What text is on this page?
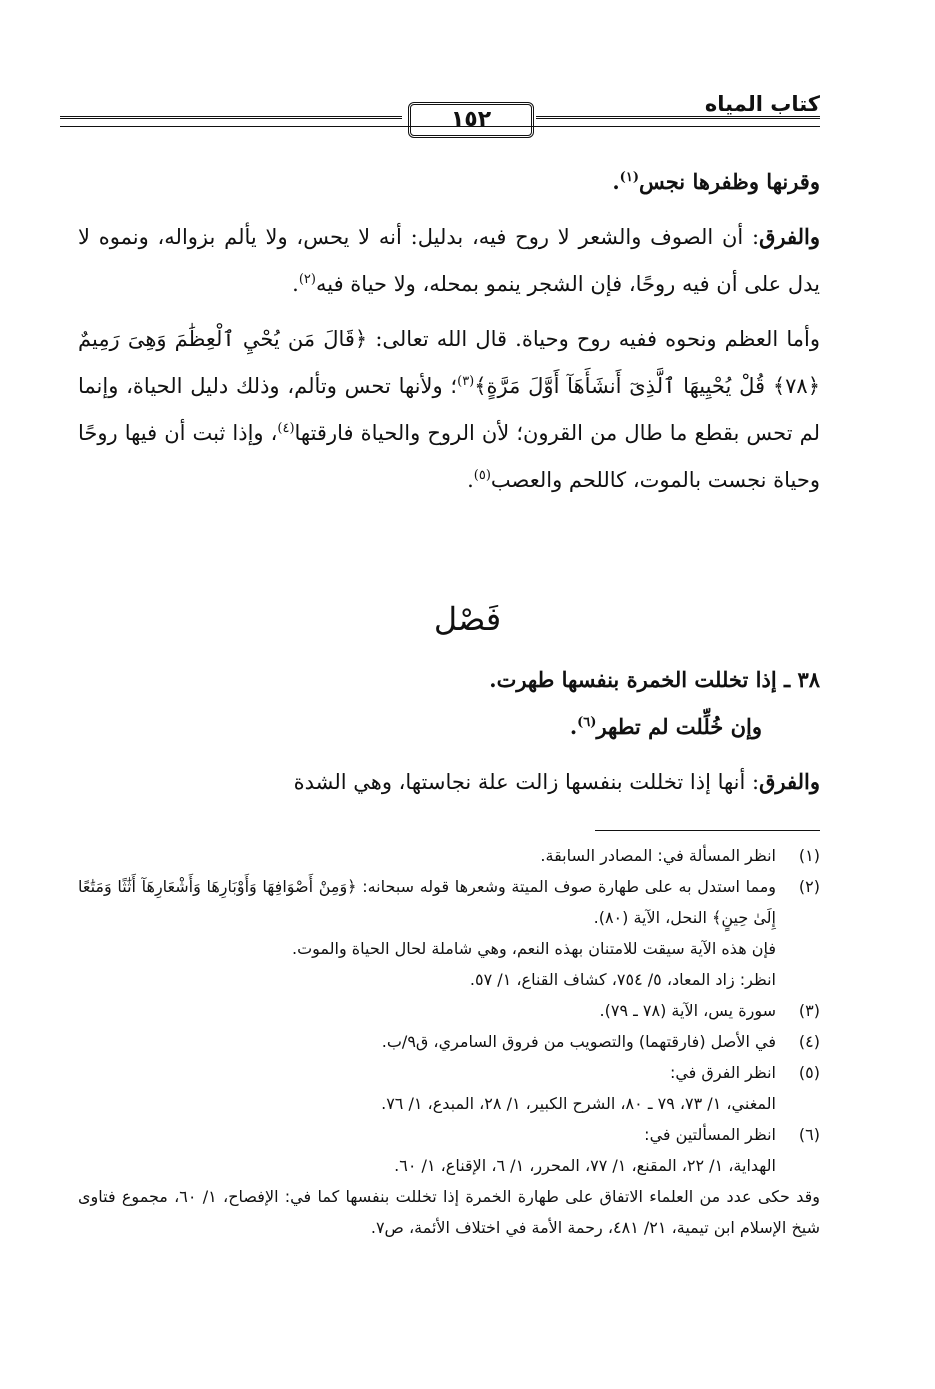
كتاب المياه
١٥٢

وقرنها وظفرها نجس$^{(١)}$.

والفرق: أن الصوف والشعر لا روح فيه، بدليل: أنه لا يحس، ولا يألم بزواله، ونموه لا يدل على أن فيه روحًا، فإن الشجر ينمو بمحله، ولا حياة فيه$^{(٢)}$.

وأما العظم ونحوه ففيه روح وحياة. قال الله تعالى: ﴿قَالَ مَن يُحْيِ ٱلْعِظَٰمَ وَهِىَ رَمِيمٌ ﴿٧٨﴾ قُلْ يُحْيِيهَا ٱلَّذِىٓ أَنشَأَهَآ أَوَّلَ مَرَّةٍ﴾$^{(٣)}$؛ ولأنها تحس وتألم، وذلك دليل الحياة، وإنما لم تحس بقطع ما طال من القرون؛ لأن الروح والحياة فارقتها$^{(٤)}$، وإذا ثبت أن فيها روحًا وحياة نجست بالموت، كاللحم والعصب$^{(٥)}$.

فَصْل

٣٨ ـ إذا تخللت الخمرة بنفسها طهرت.

وإن خُلِّلت لم تطهر$^{(٦)}$.

والفرق: أنها إذا تخللت بنفسها زالت علة نجاستها، وهي الشدة

(١)
انظر المسألة في: المصادر السابقة.
(٢)
ومما استدل به على طهارة صوف الميتة وشعرها قوله سبحانه: ﴿وَمِنْ أَصْوَافِهَا وَأَوْبَارِهَا وَأَشْعَارِهَآ أَثَٰثًا وَمَتَٰعًا إِلَىٰ حِينٍ﴾ النحل، الآية (٨٠).
فإن هذه الآية سيقت للامتنان بهذه النعم، وهي شاملة لحال الحياة والموت.
انظر: زاد المعاد، ٥/ ٧٥٤، كشاف القناع، ١/ ٥٧.
(٣)
سورة يس، الآية (٧٨ ـ ٧٩).
(٤)
في الأصل (فارقتهما) والتصويب من فروق السامري، ق٩/ب.
(٥)
انظر الفرق في:
المغني، ١/ ٧٣، ٧٩ ـ ٨٠، الشرح الكبير، ١/ ٢٨، المبدع، ١/ ٧٦.
(٦)
انظر المسألتين في:
الهداية، ١/ ٢٢، المقنع، ١/ ٧٧، المحرر، ١/ ٦، الإقناع، ١/ ٦٠.
وقد حكى عدد من العلماء الاتفاق على طهارة الخمرة إذا تخللت بنفسها كما في: الإفصاح، ١/ ٦٠، مجموع فتاوى شيخ الإسلام ابن تيمية، ٢١/ ٤٨١، رحمة الأمة في اختلاف الأئمة، ص٧.
